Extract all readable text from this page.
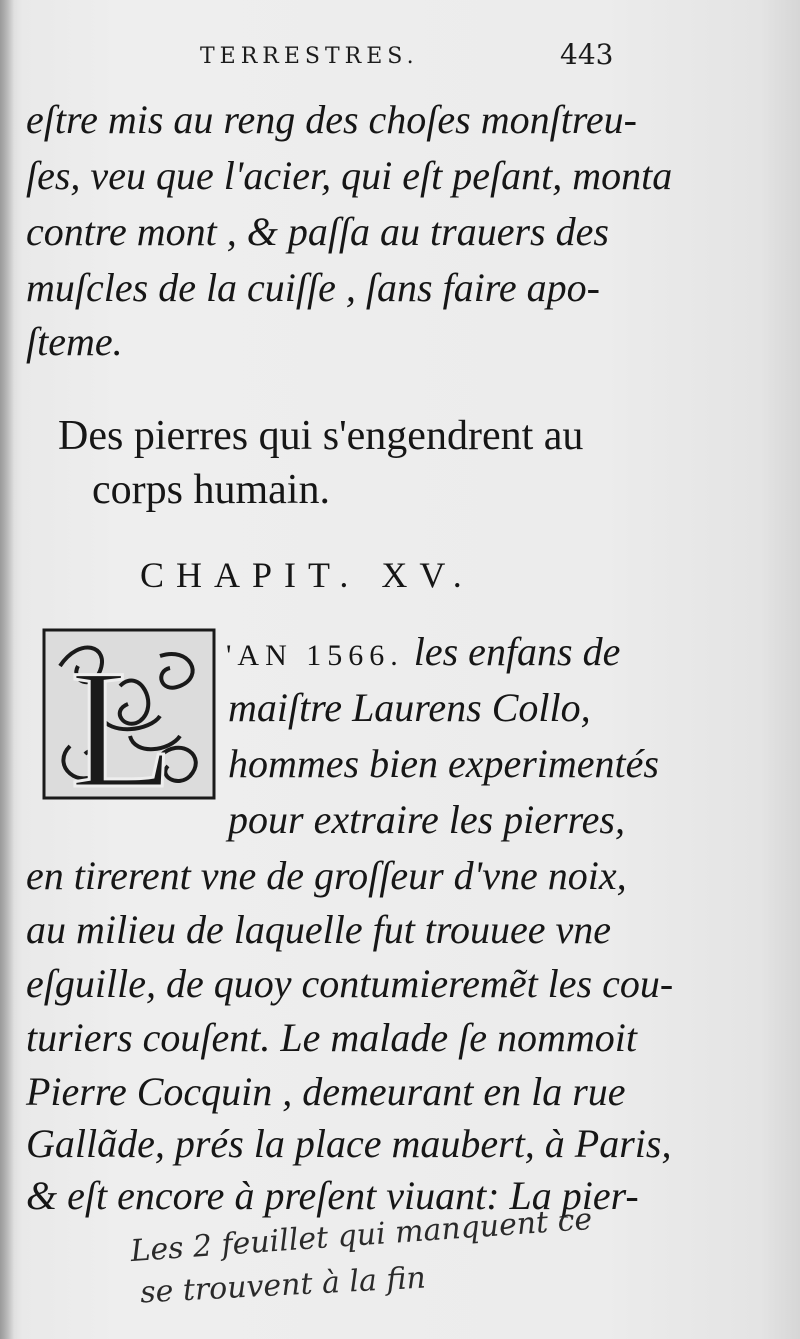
TERRESTRES.	443
eſtre mis au reng des choſes monſtreu-
ſes, veu que l'acier, qui eſt peſant, monta
contre mont , & paſſa au trauers des
muſcles de la cuiſſe , ſans faire apo-
ſteme.
Des pierres qui s'engendrent au
corps humain.
CHAPIT. XV.
L 'AN 1566. les enfans de
maiſtre Laurens Collo,
hommes bien experimentés
pour extraire les pierres,
en tirerent vne de groſſeur d'vne noix,
au milieu de laquelle fut trouuee vne
eſguille, de quoy contumieremẽt les cou-
turiers couſent. Le malade ſe nommoit
Pierre Cocquin , demeurant en la rue
Gallãde, prés la place maubert, à Paris,
& eſt encore à preſent viuant: La pier-
Les 2 feuillet qui manquent ce
se trouvent à la fin
